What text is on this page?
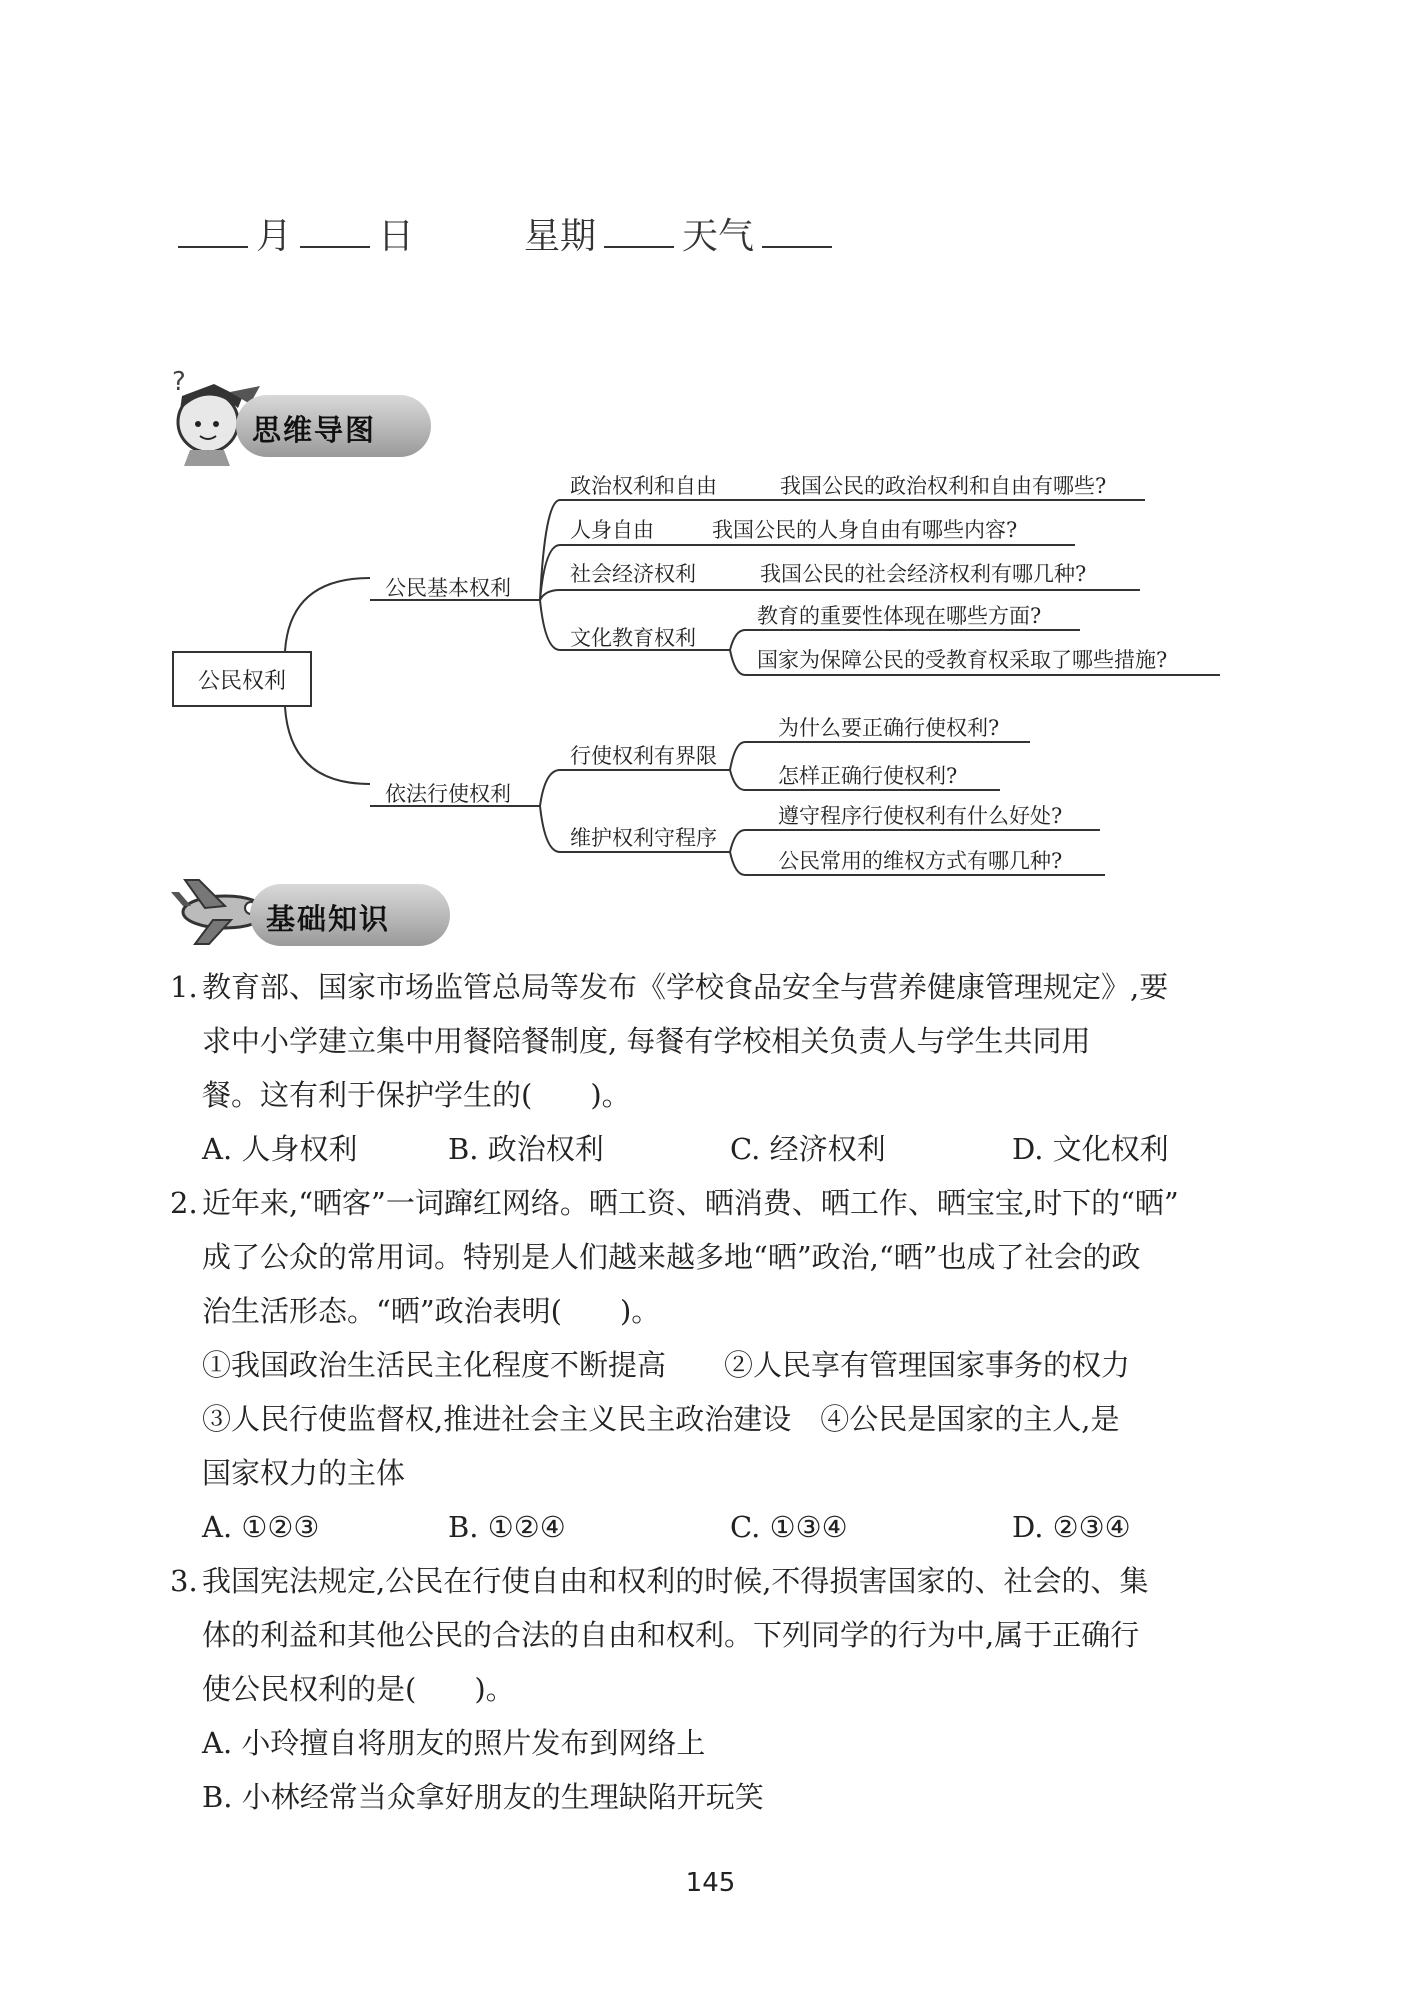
月 日	星期 天气
?
思维导图
公民权利
公民基本权利
依法行使权利
政治权利和自由	我国公民的政治权利和自由有哪些?
人身自由	我国公民的人身自由有哪些内容?
社会经济权利	我国公民的社会经济权利有哪几种?
文化教育权利
教育的重要性体现在哪些方面?
国家为保障公民的受教育权采取了哪些措施?
行使权利有界限
为什么要正确行使权利?
怎样正确行使权利?
维护权利守程序
遵守程序行使权利有什么好处?
公民常用的维权方式有哪几种?
基础知识
1. 教育部、国家市场监管总局等发布《学校食品安全与营养健康管理规定》,要
求中小学建立集中用餐陪餐制度, 每餐有学校相关负责人与学生共同用
餐。这有利于保护学生的(　　)。
A. 人身权利	B. 政治权利	C. 经济权利	D. 文化权利
2. 近年来,“晒客”一词蹿红网络。晒工资、晒消费、晒工作、晒宝宝,时下的“晒”
成了公众的常用词。特别是人们越来越多地“晒”政治,“晒”也成了社会的政
治生活形态。“晒”政治表明(　　)。
①我国政治生活民主化程度不断提高　　②人民享有管理国家事务的权力
③人民行使监督权,推进社会主义民主政治建设　④公民是国家的主人,是
国家权力的主体
A. ①②③	B. ①②④	C. ①③④	D. ②③④
3. 我国宪法规定,公民在行使自由和权利的时候,不得损害国家的、社会的、集
体的利益和其他公民的合法的自由和权利。下列同学的行为中,属于正确行
使公民权利的是(　　)。
A. 小玲擅自将朋友的照片发布到网络上
B. 小林经常当众拿好朋友的生理缺陷开玩笑
145
